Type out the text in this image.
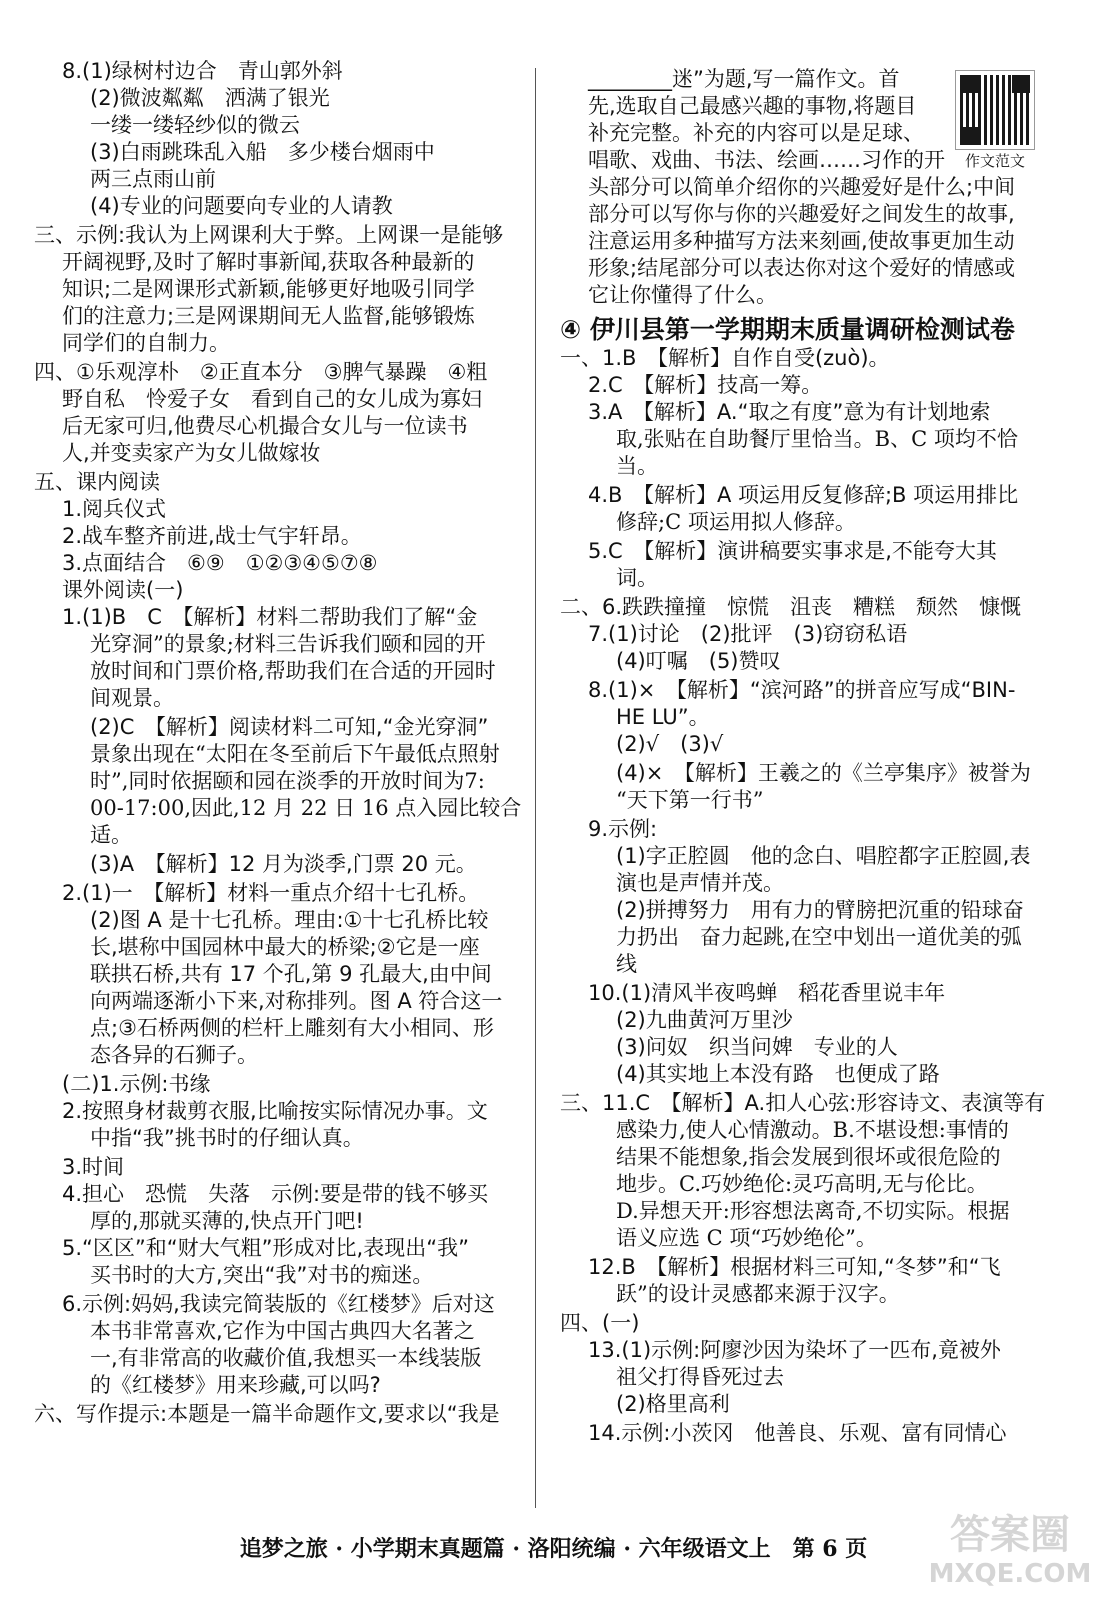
8.(1)绿树村边合　青山郭外斜
(2)微波粼粼　洒满了银光
一缕一缕轻纱似的微云
(3)白雨跳珠乱入船　多少楼台烟雨中
两三点雨山前
(4)专业的问题要向专业的人请教
三、示例:我认为上网课利大于弊。上网课一是能够
开阔视野,及时了解时事新闻,获取各种最新的
知识;二是网课形式新颖,能够更好地吸引同学
们的注意力;三是网课期间无人监督,能够锻炼
同学们的自制力。
四、①乐观淳朴　②正直本分　③脾气暴躁　④粗
野自私　怜爱子女　看到自己的女儿成为寡妇
后无家可归,他费尽心机撮合女儿与一位读书
人,并变卖家产为女儿做嫁妆
五、课内阅读
1.阅兵仪式
2.战车整齐前进,战士气宇轩昂。
3.点面结合　⑥⑨　①②③④⑤⑦⑧
课外阅读(一)
1.(1)B　C　【解析】材料二帮助我们了解“金
光穿洞”的景象;材料三告诉我们颐和园的开
放时间和门票价格,帮助我们在合适的开园时
间观景。
(2)C　【解析】阅读材料二可知,“金光穿洞”
景象出现在“太阳在冬至前后下午最低点照射
时”,同时依据颐和园在淡季的开放时间为7:
00-17:00,因此,12 月 22 日 16 点入园比较合
适。
(3)A　【解析】12 月为淡季,门票 20 元。
2.(1)一　【解析】材料一重点介绍十七孔桥。
(2)图 A 是十七孔桥。理由:①十七孔桥比较
长,堪称中国园林中最大的桥梁;②它是一座
联拱石桥,共有 17 个孔,第 9 孔最大,由中间
向两端逐渐小下来,对称排列。图 A 符合这一
点;③石桥两侧的栏杆上雕刻有大小相同、形
态各异的石狮子。
(二)1.示例:书缘
2.按照身材裁剪衣服,比喻按实际情况办事。文
中指“我”挑书时的仔细认真。
3.时间
4.担心　恐慌　失落　示例:要是带的钱不够买
厚的,那就买薄的,快点开门吧!
5.“区区”和“财大气粗”形成对比,表现出“我”
买书时的大方,突出“我”对书的痴迷。
6.示例:妈妈,我读完简装版的《红楼梦》后对这
本书非常喜欢,它作为中国古典四大名著之
一,有非常高的收藏价值,我想买一本线装版
的《红楼梦》用来珍藏,可以吗?
六、写作提示:本题是一篇半命题作文,要求以“我是
④ 伊川县第一学期期末质量调研检测试卷
________迷”为题,写一篇作文。首
先,选取自己最感兴趣的事物,将题目
补充完整。补充的内容可以是足球、
唱歌、戏曲、书法、绘画……习作的开
头部分可以简单介绍你的兴趣爱好是什么;中间
部分可以写你与你的兴趣爱好之间发生的故事,
注意运用多种描写方法来刻画,使故事更加生动
形象;结尾部分可以表达你对这个爱好的情感或
它让你懂得了什么。
一、1.B　【解析】自作自受(zuò)。
2.C　【解析】技高一筹。
3.A　【解析】A.“取之有度”意为有计划地索
取,张贴在自助餐厅里恰当。B、C 项均不恰
当。
4.B　【解析】A 项运用反复修辞;B 项运用排比
修辞;C 项运用拟人修辞。
5.C　【解析】演讲稿要实事求是,不能夸大其
词。
二、6.跌跌撞撞　惊慌　沮丧　糟糕　颓然　慷慨
7.(1)讨论　(2)批评　(3)窃窃私语
(4)叮嘱　(5)赞叹
8.(1)×　【解析】“滨河路”的拼音应写成“BIN-
HE LU”。
(2)√　(3)√
(4)×　【解析】王羲之的《兰亭集序》被誉为
“天下第一行书”
9.示例:
(1)字正腔圆　他的念白、唱腔都字正腔圆,表
演也是声情并茂。
(2)拼搏努力　用有力的臂膀把沉重的铅球奋
力扔出　奋力起跳,在空中划出一道优美的弧
线
10.(1)清风半夜鸣蝉　稻花香里说丰年
(2)九曲黄河万里沙
(3)问奴　织当问婢　专业的人
(4)其实地上本没有路　也便成了路
三、11.C　【解析】A.扣人心弦:形容诗文、表演等有
感染力,使人心情激动。B.不堪设想:事情的
结果不能想象,指会发展到很坏或很危险的
地步。C.巧妙绝伦:灵巧高明,无与伦比。
D.异想天开:形容想法离奇,不切实际。根据
语义应选 C 项“巧妙绝伦”。
12.B　【解析】根据材料三可知,“冬梦”和“飞
跃”的设计灵感都来源于汉字。
四、(一)
13.(1)示例:阿廖沙因为染坏了一匹布,竟被外
祖父打得昏死过去
(2)格里高利
14.示例:小茨冈　他善良、乐观、富有同情心
作文范文
追梦之旅 · 小学期末真题篇 · 洛阳统编 · 六年级语文上　第 6 页	答案圈
MXQE.COM
